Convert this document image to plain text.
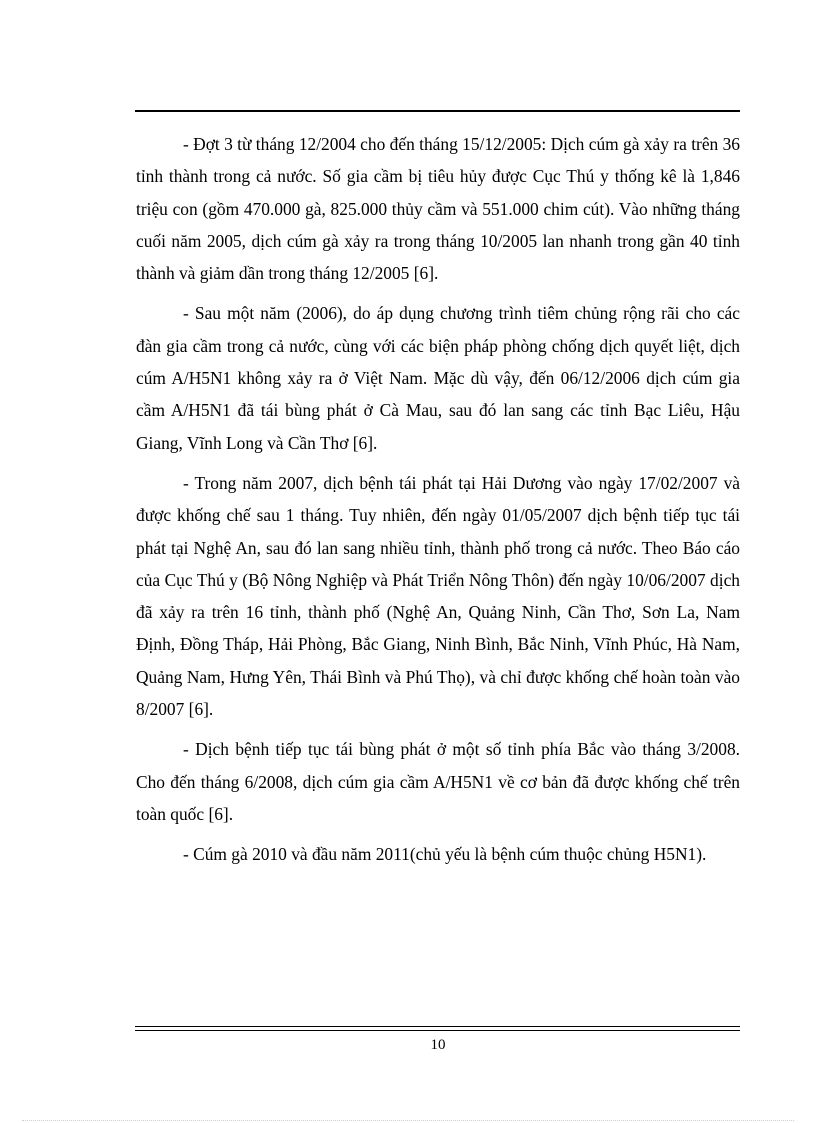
- Đợt 3 từ tháng 12/2004 cho đến tháng 15/12/2005: Dịch cúm gà xảy ra trên 36 tỉnh thành trong cả nước. Số gia cầm bị tiêu hủy được Cục Thú y thống kê là 1,846 triệu con (gồm 470.000 gà, 825.000 thủy cầm và 551.000 chim cút). Vào những tháng cuối năm 2005, dịch cúm gà xảy ra trong tháng 10/2005 lan nhanh trong gần 40 tỉnh thành và giảm dần trong tháng 12/2005 [6].

- Sau một năm (2006), do áp dụng chương trình tiêm chủng rộng rãi cho các đàn gia cầm trong cả nước, cùng với các biện pháp phòng chống dịch quyết liệt, dịch cúm A/H5N1 không xảy ra ở Việt Nam. Mặc dù vậy, đến 06/12/2006 dịch cúm gia cầm A/H5N1 đã tái bùng phát ở Cà Mau, sau đó lan sang các tỉnh Bạc Liêu, Hậu Giang, Vĩnh Long và Cần Thơ [6].

- Trong năm 2007, dịch bệnh tái phát tại Hải Dương vào ngày 17/02/2007 và được khống chế sau 1 tháng. Tuy nhiên, đến ngày 01/05/2007 dịch bệnh tiếp tục tái phát tại Nghệ An, sau đó lan sang nhiều tỉnh, thành phố trong cả nước. Theo Báo cáo của Cục Thú y (Bộ Nông Nghiệp và Phát Triển Nông Thôn) đến ngày 10/06/2007 dịch đã xảy ra trên 16 tỉnh, thành phố (Nghệ An, Quảng Ninh, Cần Thơ, Sơn La, Nam Định, Đồng Tháp, Hải Phòng, Bắc Giang, Ninh Bình, Bắc Ninh, Vĩnh Phúc, Hà Nam, Quảng Nam, Hưng Yên, Thái Bình và Phú Thọ), và chỉ được khống chế hoàn toàn vào 8/2007 [6].

- Dịch bệnh tiếp tục tái bùng phát ở một số tỉnh phía Bắc vào tháng 3/2008. Cho đến tháng 6/2008, dịch cúm gia cầm A/H5N1 về cơ bản đã được khống chế trên toàn quốc [6].

- Cúm gà 2010 và đầu năm 2011(chủ yếu là bệnh cúm thuộc chủng H5N1).

10
